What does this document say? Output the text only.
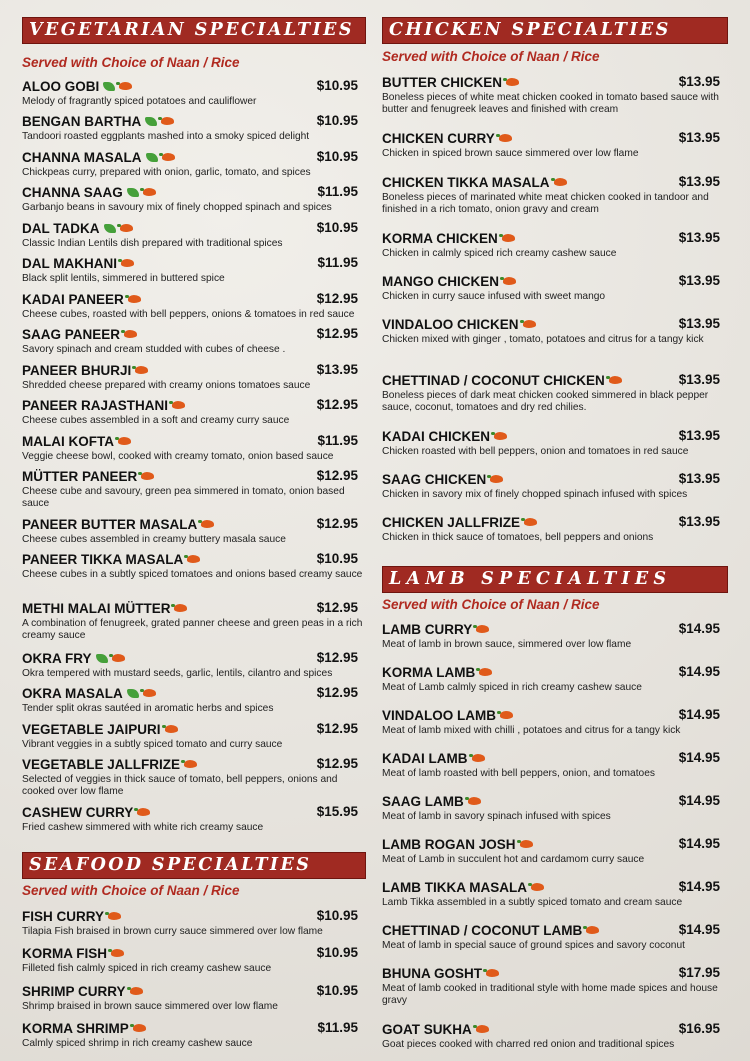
VEGETARIAN SPECIALTIES
Served with Choice of Naan / Rice
ALOO GOBI	$10.95
Melody of fragrantly spiced potatoes and cauliflower
BENGAN BARTHA	$10.95
Tandoori roasted eggplants mashed into a smoky spiced delight
CHANNA MASALA	$10.95
Chickpeas curry, prepared with onion, garlic, tomato, and spices
CHANNA SAAG	$11.95
Garbanjo beans in savoury mix of finely chopped spinach and spices
DAL TADKA	$10.95
Classic Indian Lentils dish prepared with traditional spices
DAL MAKHANI	$11.95
Black split lentils, simmered in buttered spice
KADAI PANEER	$12.95
Cheese cubes, roasted with bell peppers, onions & tomatoes in red sauce
SAAG PANEER	$12.95
Savory spinach and cream studded with cubes of cheese .
PANEER BHURJI	$13.95
Shredded cheese prepared with creamy onions tomatoes sauce
PANEER RAJASTHANI	$12.95
Cheese cubes assembled in a soft and creamy curry sauce
MALAI KOFTA	$11.95
Veggie cheese bowl, cooked with creamy tomato, onion based sauce
MÜTTER PANEER	$12.95
Cheese cube and savoury, green pea simmered in tomato, onion based sauce
PANEER BUTTER MASALA	$12.95
Cheese cubes assembled in creamy buttery masala sauce
PANEER TIKKA MASALA	$10.95
Cheese cubes in a subtly spiced tomatoes and onions based creamy sauce
METHI MALAI MÜTTER	$12.95
A combination of fenugreek, grated panner cheese and green peas in a rich creamy sauce
OKRA FRY	$12.95
Okra tempered with mustard seeds, garlic, lentils, cilantro and spices
OKRA MASALA	$12.95
Tender split okras sautéed in aromatic herbs and spices
VEGETABLE JAIPURI	$12.95
Vibrant veggies in a subtly spiced tomato and curry sauce
VEGETABLE JALLFRIZE	$12.95
Selected of veggies in thick sauce of tomato, bell peppers, onions and cooked over low flame
CASHEW CURRY	$15.95
Fried cashew simmered with white rich creamy sauce
SEAFOOD SPECIALTIES
Served with Choice of Naan / Rice
FISH CURRY	$10.95
Tilapia Fish braised in brown curry sauce simmered over low flame
KORMA FISH	$10.95
Filleted fish calmly spiced in rich creamy cashew sauce
SHRIMP CURRY	$10.95
Shrimp braised in brown sauce simmered over low flame
KORMA SHRIMP	$11.95
Calmly spiced shrimp in rich creamy cashew sauce
CHICKEN SPECIALTIES
Served with Choice of Naan / Rice
BUTTER CHICKEN	$13.95
Boneless pieces of white meat chicken cooked in tomato based sauce with butter and fenugreek leaves and finished with cream
CHICKEN CURRY	$13.95
Chicken in spiced brown sauce simmered over low flame
CHICKEN TIKKA MASALA	$13.95
Boneless pieces of marinated white meat chicken cooked in tandoor and finished in a rich tomato, onion gravy and cream
KORMA CHICKEN	$13.95
Chicken in calmly spiced rich creamy cashew sauce
MANGO CHICKEN	$13.95
Chicken in curry sauce infused with sweet mango
VINDALOO CHICKEN	$13.95
Chicken mixed with ginger , tomato, potatoes and citrus for a tangy kick
CHETTINAD / COCONUT CHICKEN	$13.95
Boneless pieces of dark meat chicken cooked simmered in black pepper sauce, coconut, tomatoes and dry red chilies.
KADAI CHICKEN	$13.95
Chicken roasted with bell peppers, onion and tomatoes in red sauce
SAAG CHICKEN	$13.95
Chicken in savory mix of finely chopped spinach infused with spices
CHICKEN JALLFRIZE	$13.95
Chicken in thick sauce of tomatoes, bell peppers and onions
LAMB SPECIALTIES
Served with Choice of Naan / Rice
LAMB CURRY	$14.95
Meat of lamb in brown sauce, simmered over low flame
KORMA LAMB	$14.95
Meat of Lamb calmly spiced in rich creamy cashew sauce
VINDALOO LAMB	$14.95
Meat of lamb mixed with chilli , potatoes and citrus for a tangy kick
KADAI LAMB	$14.95
Meat of lamb roasted with bell peppers, onion, and tomatoes
SAAG LAMB	$14.95
Meat of lamb in savory spinach infused with spices
LAMB ROGAN JOSH	$14.95
Meat of Lamb in succulent hot and cardamom curry sauce
LAMB TIKKA MASALA	$14.95
Lamb Tikka assembled in a subtly spiced tomato and cream sauce
CHETTINAD / COCONUT LAMB	$14.95
Meat of lamb in special sauce of ground spices and savory coconut
BHUNA GOSHT	$17.95
Meat of lamb cooked in traditional style with home made spices and house gravy
GOAT SUKHA	$16.95
Goat pieces cooked with charred red onion and traditional spices
